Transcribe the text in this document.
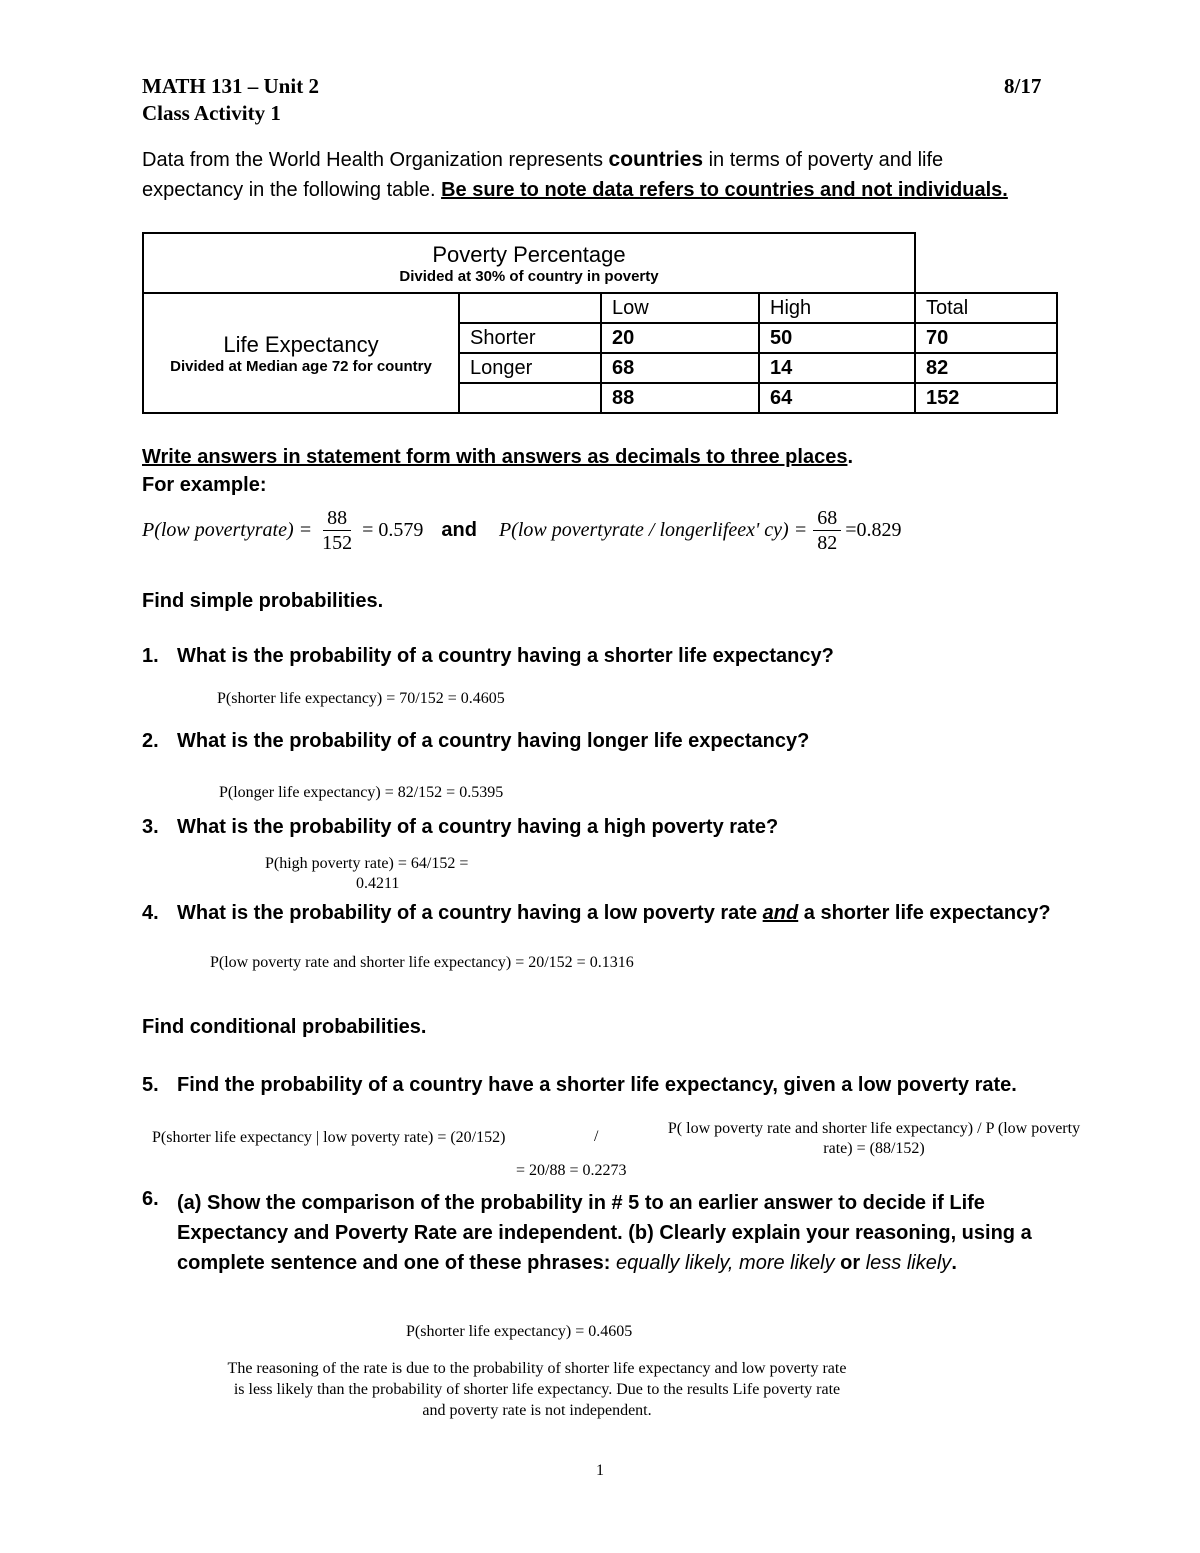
MATH 131 – Unit 2	8/17
Class Activity 1
Data from the World Health Organization represents countries in terms of poverty and life
expectancy in the following table. Be sure to note data refers to countries and not individuals.
Poverty Percentage
Divided at 30% of country in poverty				

Life Expectancy
Divided at Median age 72 for country		Low	High	Total
	Shorter	20	50	70
	Longer	68	14	82
		88	64	152
Write answers in statement form with answers as decimals to three places.
For example:
P(low povertyrate) = $\frac{88}{152} = 0.579$ and P(low povertyrate / longerlifeex' $cy) = \frac{68}{82} =0.829$
Find simple probabilities.
1. What is the probability of a country having a shorter life expectancy?
P(shorter life expectancy) = 70/152 = 0.4605
2. What is the probability of a country having longer life expectancy?
P(longer life expectancy) = 82/152 = 0.5395
3. What is the probability of a country having a high poverty rate?
P(high poverty rate) = 64/152 =
0.4211
4. What is the probability of a country having a low poverty rate and a shorter life expectancy?
P(low poverty rate and shorter life expectancy) = 20/152 = 0.1316
Find conditional probabilities.
5. Find the probability of a country have a shorter life expectancy, given a low poverty rate.
P(shorter life expectancy | low poverty rate) = (20/152)	/	P( low poverty rate and shorter life expectancy) / P (low poverty
rate) = (88/152)
= 20/88 = 0.2273
6. (a) Show the comparison of the probability in # 5 to an earlier answer to decide if Life
Expectancy and Poverty Rate are independent. (b) Clearly explain your reasoning, using a
complete sentence and one of these phrases: equally likely, more likely or less likely.
P(shorter life expectancy) = 0.4605
The reasoning of the rate is due to the probability of shorter life expectancy and low poverty rate
is less likely than the probability of shorter life expectancy. Due to the results Life poverty rate
and poverty rate is not independent.
1
